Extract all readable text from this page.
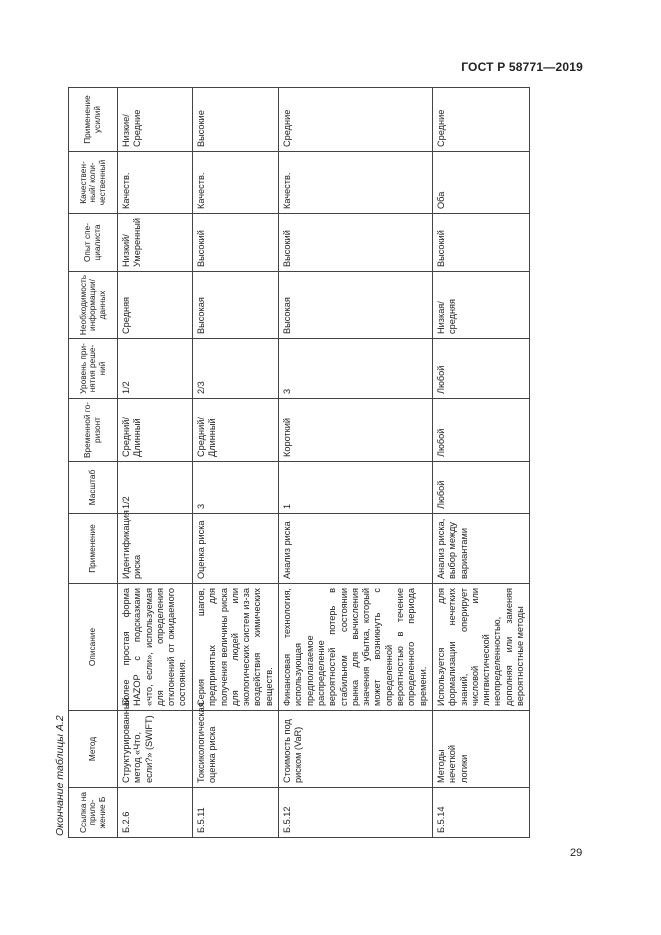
ГОСТ Р 58771—2019
Окончание таблицы А.2 Ссылка на приложение Б	Метод	Описание	Применение	Масштаб	Временной горизонт	Уровень принятия решений	Необходимость информации/ данных	Опыт специалиста	Качественный/ количественный	Применение усилий
Б.2.6	Структурированный метод «Что, если?» (SWIFT)	Более простая форма HAZOP с подсказками «что, если», используемая для определения отклонений от ожидаемого состояния.	Идентификация риска	1/2	Средний/ Длинный	1/2	Средняя	Низкий/ Умеренный	Качеств.	Низкие/ Средние
Б.5.11	Токсикологическая оценка риска	Серия шагов, предпринятых для получения величины риска для людей или экологических систем из-за воздействия химических веществ.	Оценка риска	3	Средний/ Длинный	2/3	Высокая	Высокий	Качеств.	Высокие
Б.5.12	Стоимость под риском (VaR)	Финансовая технология, использующая предполагаемое распределение вероятностей потерь в стабильном состоянии рынка для вычисления значения убытка, который может возникнуть с определенной вероятностью в течение определенного периода времени.	Анализ риска	1	Короткий	3	Высокая	Высокий	Качеств.	Средние
Б.5.14	Методы нечеткой логики	Используется для формализации нечетких знаний, оперирует числовой или лингвистической неопределенностью, дополняя или заменяя вероятностные методы	Анализ риска, выбор между вариантами	Любой	Любой	Любой	Низкая/ средняя	Высокий	Оба	Средние
29
